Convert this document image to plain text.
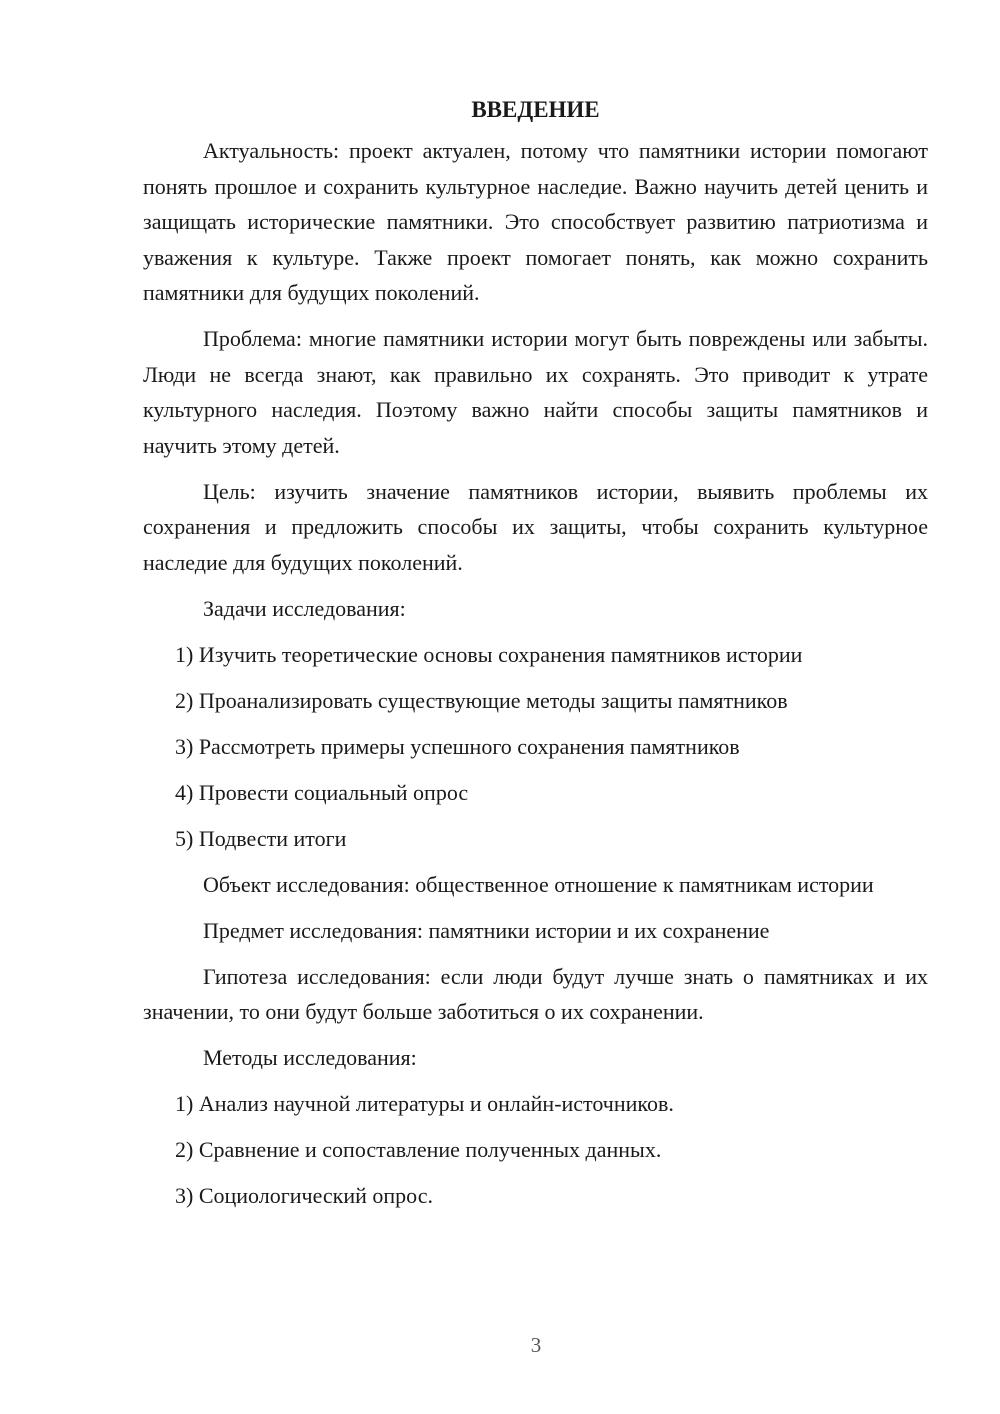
ВВЕДЕНИЕ

Актуальность: проект актуален, потому что памятники истории помогают понять прошлое и сохранить культурное наследие. Важно научить детей ценить и защищать исторические памятники. Это способствует развитию патриотизма и уважения к культуре. Также проект помогает понять, как можно сохранить памятники для будущих поколений.

Проблема: многие памятники истории могут быть повреждены или забыты. Люди не всегда знают, как правильно их сохранять. Это приводит к утрате культурного наследия. Поэтому важно найти способы защиты памятников и научить этому детей.

Цель: изучить значение памятников истории, выявить проблемы их сохранения и предложить способы их защиты, чтобы сохранить культурное наследие для будущих поколений.

Задачи исследования:

1) Изучить теоретические основы сохранения памятников истории
2) Проанализировать существующие методы защиты памятников
3) Рассмотреть примеры успешного сохранения памятников
4) Провести социальный опрос
5) Подвести итоги

Объект исследования: общественное отношение к памятникам истории

Предмет исследования: памятники истории и их сохранение

Гипотеза исследования: если люди будут лучше знать о памятниках и их значении, то они будут больше заботиться о их сохранении.

Методы исследования:

1) Анализ научной литературы и онлайн-источников.
2) Сравнение и сопоставление полученных данных.
3) Социологический опрос.
3
